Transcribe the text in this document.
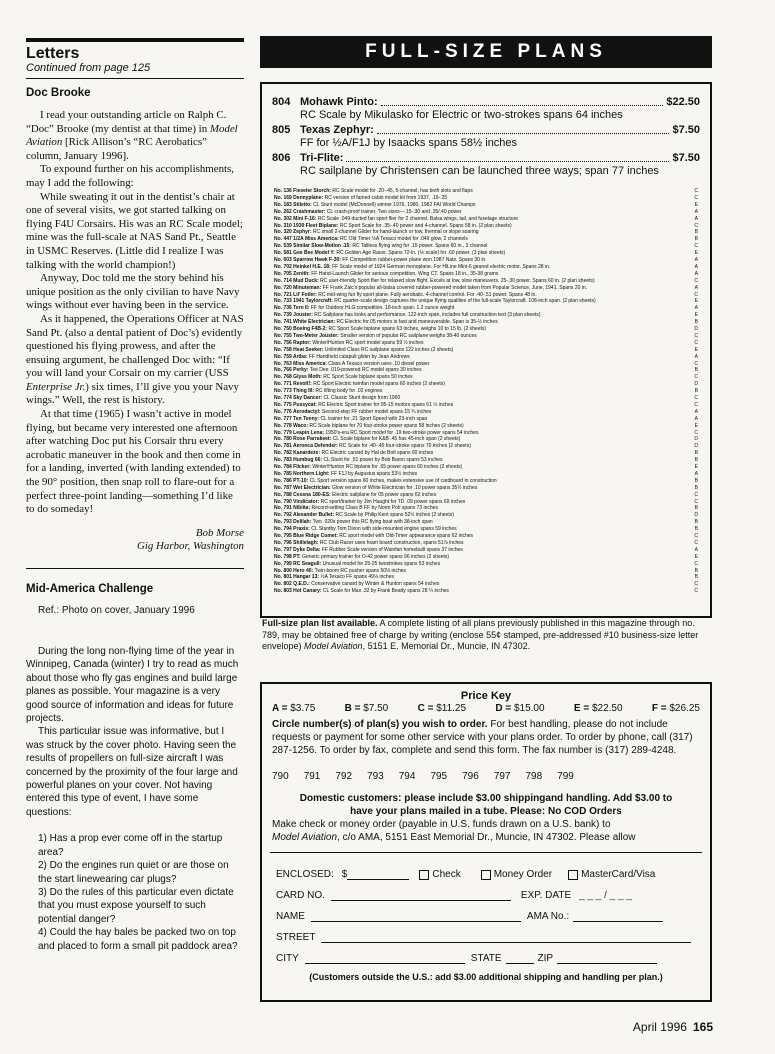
Letters
Continued from page 125
Doc Brooke

I read your outstanding article on Ralph C. “Doc” Brooke (my dentist at that time) in Model Aviation [Rick Allison’s “RC Aerobatics” column, January 1996].

To expound further on his accomplishments, may I add the following:

While sweating it out in the dentist’s chair at one of several visits, we got started talking on flying F4U Corsairs. His was an RC Scale model; mine was the full-scale at NAS Sand Pt., Seattle in USMC Reserves. (Little did I realize I was talking with the world champion!)

Anyway, Doc told me the story behind his unique position as the only civilian to have Navy wings without ever having been in the service.

As it happened, the Operations Officer at NAS Sand Pt. (also a dental patient of Doc’s) evidently questioned his flying prowess, and after the ensuing argument, he challenged Doc with: “If you will land your Corsair on my carrier (USS Enterprise Jr.) six times, I’ll give you your Navy wings.” Well, the rest is history.

At that time (1965) I wasn’t active in model flying, but became very interested one afternoon after watching Doc put his Corsair thru every acrobatic maneuver in the book and then come in for a landing, inverted (with landing extended) to the 90° position, then snap roll to flare-out for a perfect three-point landing—something I’d like to do someday!

Bob Morse
Gig Harbor, Washington
Mid-America Challenge

Ref.: Photo on cover, January 1996

During the long non-flying time of the year in Winnipeg, Canada (winter) I try to read as much about those who fly gas engines and build large planes as possible. Your magazine is a very good source of information and ideas for future projects.

This particular issue was informative, but I was struck by the cover photo. Having seen the results of propellers on full-size aircraft I was concerned by the proximity of the four large and powerful planes on your cover. Not having entered this type of event, I have some questions:

1) Has a prop ever come off in the startup area?

2) Do the engines run quiet or are those on the start linewearing car plugs?

3) Do the rules of this particular even dictate that you must expose yourself to such potential danger?

4) Could the hay bales be packed two on top and placed to form a small pit paddock area?

FULL-SIZE PLANS
804 Mohawk Pinto:	$22.50
RC Scale by Mikulasko for Electric or two-strokes spans 64 inches
805 Texas Zephyr:	$7.50
FF for ½A/F1J by Isaacks spans 58½ inches
806 Tri-Flite:	$7.50
RC sailplane by Christensen can be launched three ways; span 77 inches
No. 136 Fieseler Storch: RC Scale model for .20-.45, 5-channel, has both slots and flaps	C
No. 169 Dennyplane: RC version of famed cabin model kit from 1937, .19-.25	C
No. 183 Stiletto: CL Stunt model (McDonnell) winner 1976, 1980, 1982 FAI World Champs	E
No. 262 Crashmaster: CL crash-proof trainer. Two sizes—.15-.30 and .35/.40 power	A
No. 302 Mini F-16: RC Scale .049 ducted fan sport flier for 2 channel. Balsa wings, tail, and fuselage structure	A
No. 310 1930 Fleet Biplane: RC Sport Scale for .35-.40 power and 4-channel. Spans 58 in. (2 plan sheets)	C
No. 320 Zephyr: RC small 2-channel Glider for hand-launch or tow, thermal or slope soaring	B
No. 447 1/2A Miss America: RC Old Timer ½A Texaco model for .049 glow, 2 channels	B
No. 539 Similar Slow-Motion .15: RC Tailless flying wing for .15 power. Spans 60 in., 3 channel	C
No. 581 Gee Bee Model Y: RC Golden Age Racer. Spans 72-in. (⅙ scale) for .60 power. (3 plan sheets)	E
No. 603 Sparrow Hawk F-30: FF Competition rubber-power plane won 1987 Nats. Spans 30 in.	A
No. 702 Heinkel H.E. 18: FF Scale model of 1924 German monoplane. For HiLine Mini-6 geared electric motor. Spans 28 in.	A
No. 705 Zenith: FF Hand-Launch Glider for serious competition. Wing CT. Spans 18 in., 35-38 grams	A
No. 714 Mud Duck: RC user-friendly Sport flier for relaxed slow flight. Excels at low, slow maneuvers. 25-.30 power. Spans 60 in. (2 plan sheets)	C
No. 720 Minuteman: FF Frank Zaic's popular all-balsa covered rubber-powered model taken from Popular Science, June, 1941. Spans 20 in.	A
No. 721 Lil' Foiler: RC mid-wing fun fly sport plane. Fully aerobatic. 4-channel control. For .40-.51 power. Spans 48 in.	C
No. 733 1941 Taylorcraft: RC quarter-scale design captures the unique flying qualities of the full-scale Taylorcraft. 108-inch span. (2 plan sheets)	E
No. 736 Tern II: FF for Outdoor HLG competition. 18-inch span. 1.2 ounce weight	A
No. 739 Jouster: RC Sailplane has looks and performance. 122-inch span, includes full construction text (3 plan sheets)	E
No. 741 White Electrician: RC Electric for 05 motors is fast and maneuverable. Span is 35-½ inches	B
No. 750 Boeing F4B-2: RC Sport Scale biplane spans 63 inches, weighs 10 to 15 lb. (2 sheets)	D
No. 755 Two-Meter Jouster: Smaller version of popular RC sailplane weighs 38-40 ounces	C
No. 756 Raptor: Winter/Hunton RC sport model spans 59 ½ inches	C
No. 758 Heat Seeker: Unlimited Class RC sailplane spans 122 inches (2 sheets)	E
No. 759 Ariba: FF Handheld catapult glider by Jean Andrews	A
No. 763 Miss America: Class A Texaco version uses .10 diesel power	C
No. 766 Perky: Tee Dee .010-powered RC model spans 30 inches	B
No. 768 Glyss Moth: RC Sport Scale biplane spans 50 inches	C
No. 771 Revolt!: RC Sport Electric twinfan model spans 60 inches (2 sheets)	D
No. 773 Thing III: RC lifting body for .02 engines	B
No. 774 Sky Dancer: CL Classic Stunt design from 1960	C
No. 775 Pussycat: RC Electric Sport trainer for 05-15 motors spans 61 ½ inches	C
No. 776 Aerodactyl: Second-step FF rubber model spans 15 ¾ inches	A
No. 777 Ten Tenny: CL trainer for .21 Sport Speed with 23-inch span	A
No. 778 Waco: RC Scale biplane for 70 four-stroke power spans 58 inches (2 sheets)	E
No. 779 Leapin Lena: 1950's-era RC Sport model for .19 two-stroke power spans 54 inches	C
No. 780 Rose Parrakeet: CL Scale biplane for K&B .45 has 45-inch span (2 sheets)	D
No. 781 Aeronca Defender: RC Scale for .40-.45 four-stroke spans 70 inches (2 sheets)	D
No. 782 Kanardeze: RC Electric canard by Hal de Bolt spans 60 inches	B
No. 783 Humbug 66: CL Stunt for .51 power by Bob Baron spans 53 inches	B
No. 784 Flicker: Winter/Hunton RC biplane for .65 power spans 60 inches (2 sheets)	E
No. 785 Northern Light: FF F1J by Augustus spans 53½ inches	A
No. 786 PT-10: CL Sport version spans 60 inches, makes extensive use of cardboard in construction	B
No. 787 Wet Electrician: Glow version of White Electrician for .10 power spans 35½ inches	B
No. 788 Cessna 180-ES: Electric sailplane for 05 power spans 62 inches	C
No. 790 Vindicator: RC sport/trainer by Jim Haught for TD .09 power spans 69 inches	C
No. 791 Nibiita: Record-setting Class B FF by Norm Poti spans 73 inches	B
No. 792 Alexander Bullet: RC Scale by Philip Kent spans 52½ inches (2 sheets)	D
No. 793 Delilah: Two .020s power this RC flying boat with 38-inch span	B
No. 794 Praxis: CL Stuntby Tom Dixon with side-mounted engine spans 59 inches	B
No. 795 Blue Ridge Comet: RC sport model with Old-Timer appearance spans 62 inches	C
No. 796 Shillelagh: RC Club Racer uses foam board construction, spans 51⅞ inches	C
No. 797 Dyke Delta: FF Rubber Scale version of Wainfan homebuilt spans 37 inches	A
No. 798 PT: Generic primary trainer for O-42 power spans 96 inches (2 sheets)	E
No. 799 RC Seagull: Unusual model for 25-25 twostrokes spans 53 inches	C
No. 800 Hero 40: Twin-boom RC pusher spans 50⅛ inches	B
No. 801 Hangar 13: ½A Texaco FF spans 49⅛ inches	B
No. 802 Q.E.D.: Conservative canard by Winter & Hunton spans 54 inches	C
No. 803 Hot Canary: CL Scale for Max .32 by Frank Beatty spans 28 ¼ inches	C
Full-size plan list available. A complete listing of all plans previously published in this magazine through no. 789, may be obtained free of charge by writing (enclose 55¢ stamped, pre-addressed #10 business-size letter envelope) Model Aviation, 5151 E. Memorial Dr., Muncie, IN 47302.
Price Key
A = $3.75	B = $7.50	C = $11.25	D = $15.00	E = $22.50	F = $26.25
Circle number(s) of plan(s) you wish to order. For best handling, please do not include requests or payment for some other service with your plans order. To order by phone, call (317) 287-1256. To order by fax, complete and send this form. The fax number is (317) 289-4248.
790 791 792 793 794 795 796 797 798 799
Domestic customers: please include $3.00 shippingand handling. Add $3.00 to
have your plans mailed in a tube. Please: No COD Orders
Make check or money order (payable in U.S. funds drawn on a U.S. bank) to
Model Aviation, c/o AMA, 5151 East Memorial Dr., Muncie, IN 47302. Please allow
ENCLOSED: $	Check	Money Order	MasterCard/Visa
CARD NO.	EXP. DATE _ _ _ / _ _ _
NAME	AMA No.:
STREET
CITY	STATE	ZIP
(Customers outside the U.S.: add $3.00 additional shipping and handling per plan.)
April 1996 165
